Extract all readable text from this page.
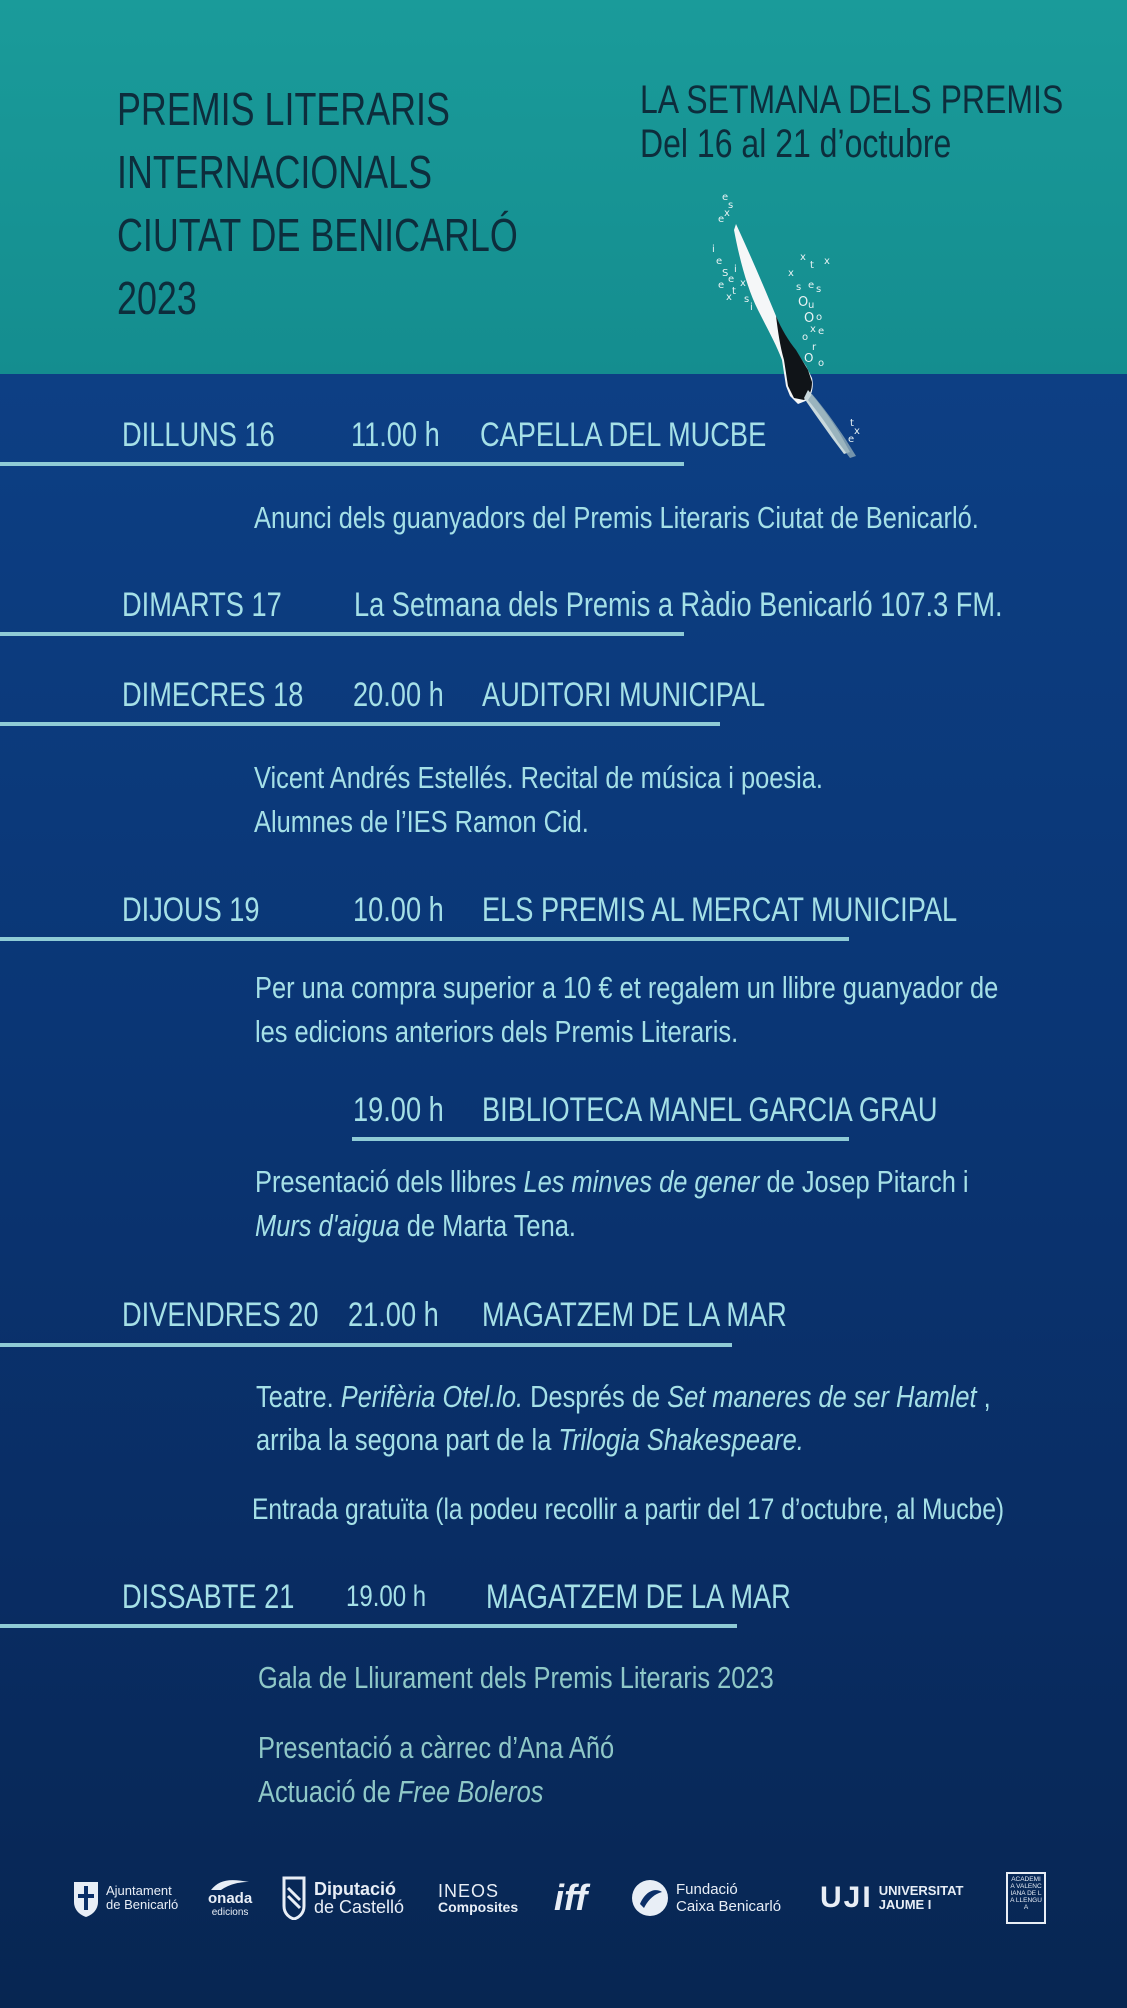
PREMIS LITERARIS
INTERNACIONALS
CIUTAT DE BENICARLÓ
2023
LA SETMANA DELS PREMIS
Del 16 al 21 d’octubre
e
s
x
e
i
e
S
e
i
x
t
s
e
x
i
x
t x
x
s e s
O u
O o
x e
o
r
O o
t
x
e
DILLUNS 16 11.00 h CAPELLA DEL MUCBE
Anunci dels guanyadors del Premis Literaris Ciutat de Benicarló.
DIMARTS 17 La Setmana dels Premis a Ràdio Benicarló 107.3 FM.
DIMECRES 18 20.00 h AUDITORI MUNICIPAL
Vicent Andrés Estellés. Recital de música i poesia.
Alumnes de l’IES Ramon Cid.
DIJOUS 19	10.00 h ELS PREMIS AL MERCAT MUNICIPAL
Per una compra superior a 10 € et regalem un llibre guanyador de
les edicions anteriors dels Premis Literaris.
19.00 h BIBLIOTECA MANEL GARCIA GRAU
Presentació dels llibres Les minves de gener de Josep Pitarch i
Murs d'aigua de Marta Tena.
DIVENDRES 20 21.00 h MAGATZEM DE LA MAR
Teatre. Perifèria Otel.lo. Després de Set maneres de ser Hamlet ,
arriba la segona part de la Trilogia Shakespeare.
Entrada gratuïta (la podeu recollir a partir del 17 d’octubre, al Mucbe)
DISSABTE 21 19.00 h MAGATZEM DE LA MAR
Gala de Lliurament dels Premis Literaris 2023
Presentació a càrrec d’Ana Añó
Actuació de Free Boleros
Ajuntament
de Benicarló onada
edicions
Diputació
de Castelló
INEOS
Composites iff	Fundació
Caixa Benicarló UJI UNIVERSITAT
JAUME I
ACADEMIA VALENCIANA DE LA LLENGUA
